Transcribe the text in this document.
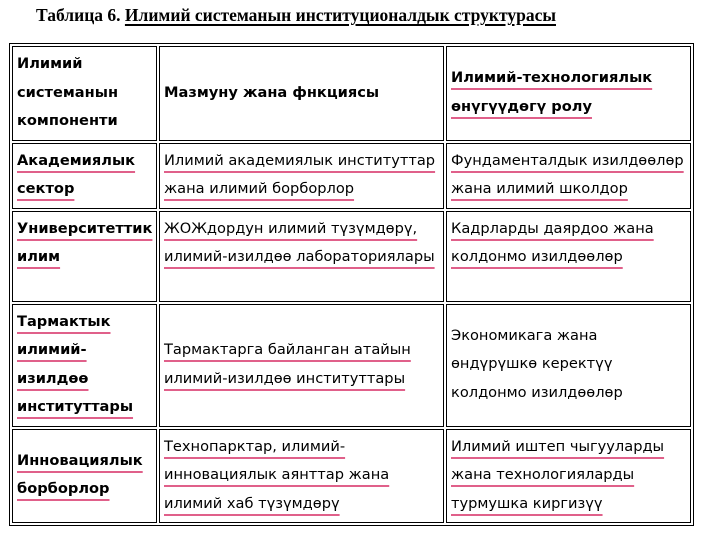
Таблица 6. Илимий системанын институционалдык структурасы
Илимий системанын компоненти	Мазмуну жана фнкциясы	Илимий-технологиялык өнүгүүдөгү ролу
Академиялык сектор	Илимий академиялык институттар жана илимий борборлор	Фундаменталдык изилдөөлөр жана илимий школдор
Университеттик илим	ЖОЖдордун илимий түзүмдөрү, илимий-изилдөө лабораториялары	Кадрларды даярдоо жана колдонмо изилдөөлөр
Тармактык илимий-изилдөө институттары	Тармактарга байланган атайын илимий-изилдөө институттары	Экономикага жана өндүрүшкө керектүү колдонмо изилдөөлөр
Инновациялык борборлор	Технопарктар, илимий-инновациялык аянттар жана илимий хаб түзүмдөрү	Илимий иштеп чыгууларды жана технологияларды турмушка киргизүү
